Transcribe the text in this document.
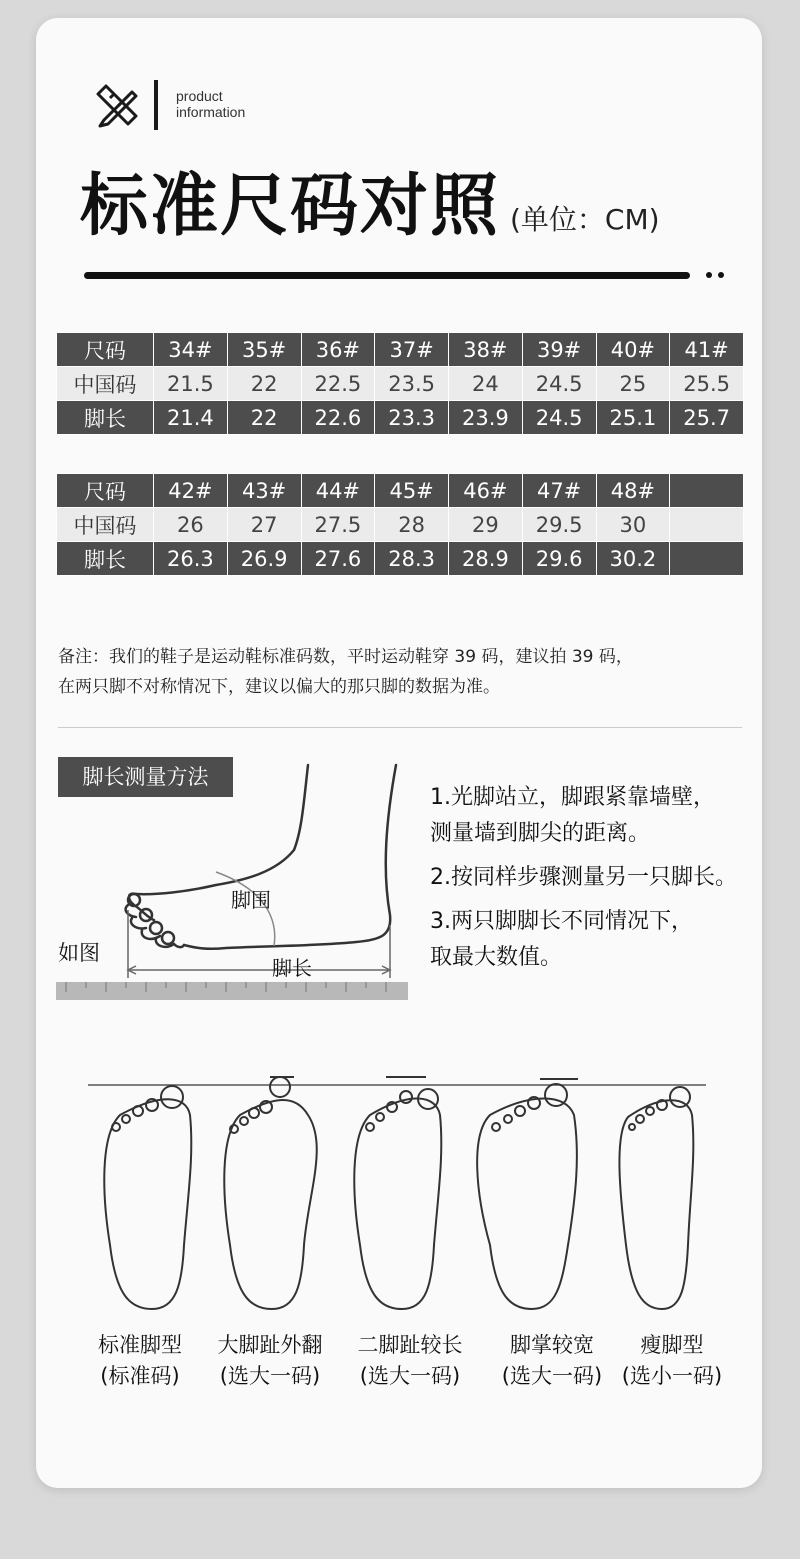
product
information
标准尺码对照 (单位：CM)
尺码	34#	35#	36#	37#	38#	39#	40#	41#
中国码	21.5	22	22.5	23.5	24	24.5	25	25.5
脚长	21.4	22	22.6	23.3	23.9	24.5	25.1	25.7
尺码	42#	43#	44#	45#	46#	47#	48#	
中国码	26	27	27.5	28	29	29.5	30	
脚长	26.3	26.9	27.6	28.3	28.9	29.6	30.2	
备注：我们的鞋子是运动鞋标准码数，平时运动鞋穿 39 码，建议拍 39 码，
在两只脚不对称情况下，建议以偏大的那只脚的数据为准。
脚长测量方法
脚围
脚长
如图
1.光脚站立，脚跟紧靠墙壁，

测量墙到脚尖的距离。

2.按同样步骤测量另一只脚长。

3.两只脚脚长不同情况下，
取最大数值。
标准脚型
(标准码)
大脚趾外翻
(选大一码)
二脚趾较长
(选大一码)
脚掌较宽
(选大一码)
瘦脚型
(选小一码)
